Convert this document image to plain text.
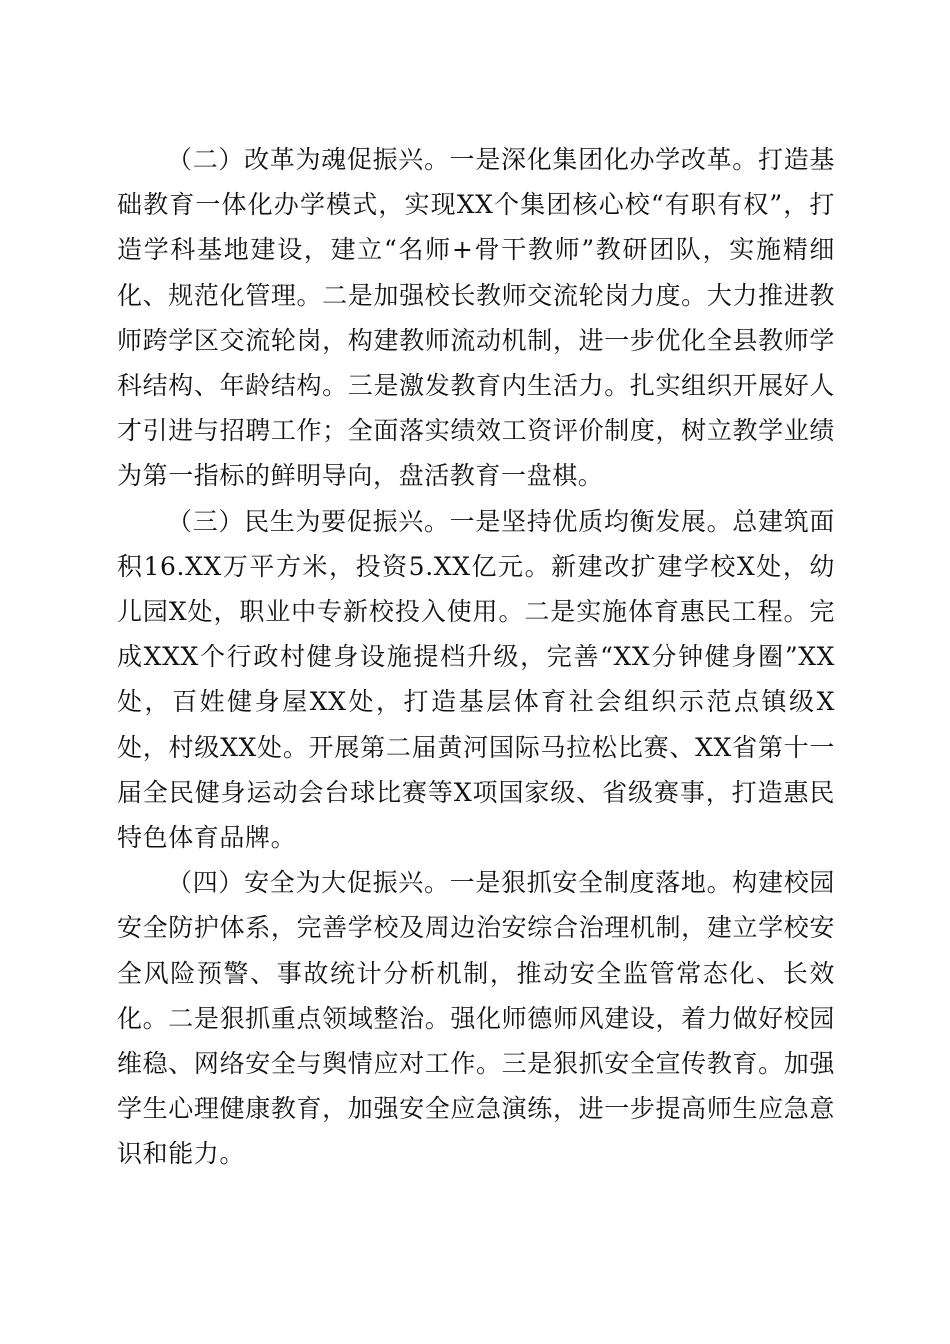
（二）改革为魂促振兴。一是深化集团化办学改革。打造基础教育一体化办学模式，实现XX个集团核心校“有职有权”，打造学科基地建设，建立“名师+骨干教师”教研团队，实施精细化、规范化管理。二是加强校长教师交流轮岗力度。大力推进教师跨学区交流轮岗，构建教师流动机制，进一步优化全县教师学科结构、年龄结构。三是激发教育内生活力。扎实组织开展好人才引进与招聘工作；全面落实绩效工资评价制度，树立教学业绩为第一指标的鲜明导向，盘活教育一盘棋。

（三）民生为要促振兴。一是坚持优质均衡发展。总建筑面积16.XX万平方米，投资5.XX亿元。新建改扩建学校X处，幼儿园X处，职业中专新校投入使用。二是实施体育惠民工程。完成XXX个行政村健身设施提档升级，完善“XX分钟健身圈”XX处，百姓健身屋XX处，打造基层体育社会组织示范点镇级X处，村级XX处。开展第二届黄河国际马拉松比赛、XX省第十一届全民健身运动会台球比赛等X项国家级、省级赛事，打造惠民特色体育品牌。

（四）安全为大促振兴。一是狠抓安全制度落地。构建校园安全防护体系，完善学校及周边治安综合治理机制，建立学校安全风险预警、事故统计分析机制，推动安全监管常态化、长效化。二是狠抓重点领域整治。强化师德师风建设，着力做好校园维稳、网络安全与舆情应对工作。三是狠抓安全宣传教育。加强学生心理健康教育，加强安全应急演练，进一步提高师生应急意识和能力。
